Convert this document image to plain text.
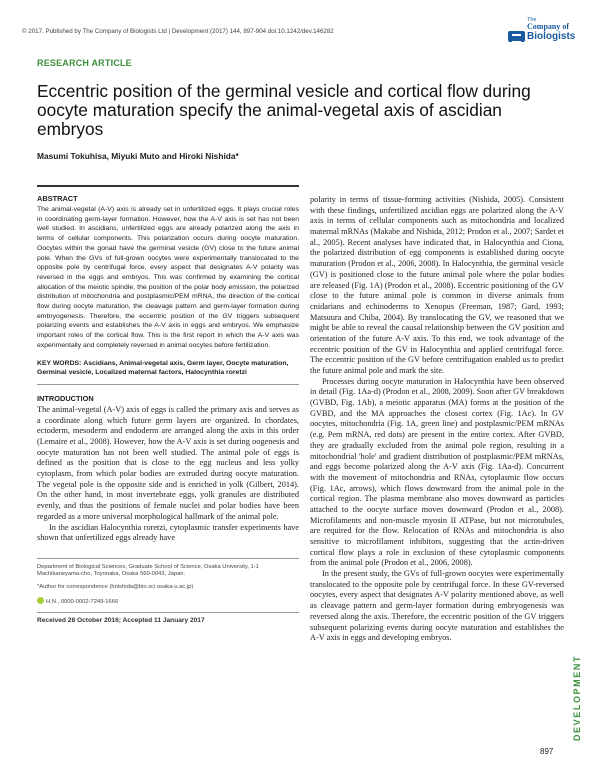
© 2017. Published by The Company of Biologists Ltd | Development (2017) 144, 897-904 doi:10.1242/dev.146282
The
Company of
Biologists
RESEARCH ARTICLE
Eccentric position of the germinal vesicle and cortical flow during oocyte maturation specify the animal-vegetal axis of ascidian embryos
Masumi Tokuhisa, Miyuki Muto and Hiroki Nishida*
ABSTRACT

The animal-vegetal (A-V) axis is already set in unfertilized eggs. It plays crucial roles in coordinating germ-layer formation. However, how the A-V axis is set has not been well studied. In ascidians, unfertilized eggs are already polarized along the axis in terms of cellular components. This polarization occurs during oocyte maturation. Oocytes within the gonad have the germinal vesicle (GV) close to the future animal pole. When the GVs of full-grown oocytes were experimentally translocated to the opposite pole by centrifugal force, every aspect that designates A-V polarity was reversed in the eggs and embryos. This was confirmed by examining the cortical allocation of the meiotic spindle, the position of the polar body emission, the polarized distribution of mitochondria and postplasmic/PEM mRNA, the direction of the cortical flow during oocyte maturation, the cleavage pattern and germ-layer formation during embryogenesis. Therefore, the eccentric position of the GV triggers subsequent polarizing events and establishes the A-V axis in eggs and embryos. We emphasize important roles of the cortical flow. This is the first report in which the A-V axis was experimentally and completely reversed in animal oocytes before fertilization.

KEY WORDS: Ascidians, Animal-vegetal axis, Germ layer, Oocyte maturation, Germinal vesicle, Localized maternal factors, Halocynthia roretzi

INTRODUCTION

The animal-vegetal (A-V) axis of eggs is called the primary axis and serves as a coordinate along which future germ layers are organized. In chordates, ectoderm, mesoderm and endoderm are arranged along the axis in this order (Lemaire et al., 2008). However, how the A-V axis is set during oogenesis and oocyte maturation has not been well studied. The animal pole of eggs is defined as the position that is close to the egg nucleus and less yolky cytoplasm, from which polar bodies are extruded during oocyte maturation. The vegetal pole is the opposite side and is enriched in yolk (Gilbert, 2014). On the other hand, in most invertebrate eggs, yolk granules are distributed evenly, and thus the positions of female nuclei and polar bodies have been regarded as a more universal morphological hallmark of the animal pole.

In the ascidian Halocynthia roretzi, cytoplasmic transfer experiments have shown that unfertilized eggs already have

Department of Biological Sciences, Graduate School of Science, Osaka University, 1-1 Machikaneyama-cho, Toyonaka, Osaka 560-0043, Japan.

*Author for correspondence (hnishida@bio.sci.osaka-u.ac.jp)

H.N., 0000-0002-7249-1666

Received 28 October 2016; Accepted 11 January 2017

polarity in terms of tissue-forming activities (Nishida, 2005). Consistent with these findings, unfertilized ascidian eggs are polarized along the A-V axis in terms of cellular components such as mitochondria and localized maternal mRNAs (Makabe and Nishida, 2012; Prodon et al., 2007; Sardet et al., 2005). Recent analyses have indicated that, in Halocynthia and Ciona, the polarized distribution of egg components is established during oocyte maturation (Prodon et al., 2006, 2008). In Halocynthia, the germinal vesicle (GV) is positioned close to the future animal pole where the polar bodies are released (Fig. 1A) (Prodon et al., 2008). Eccentric positioning of the GV close to the future animal pole is common in diverse animals from cnidarians and echinoderms to Xenopus (Freeman, 1987; Gard, 1993; Matsuura and Chiba, 2004). By translocating the GV, we reasoned that we might be able to reveal the causal relationship between the GV position and orientation of the future A-V axis. To this end, we took advantage of the eccentric position of the GV in Halocynthia and applied centrifugal force. The eccentric position of the GV before centrifugation enabled us to predict the future animal pole and mark the site.

Processes during oocyte maturation in Halocynthia have been observed in detail (Fig. 1Aa-d) (Prodon et al., 2008, 2009). Soon after GV breakdown (GVBD, Fig. 1Ab), a meiotic apparatus (MA) forms at the position of the GVBD, and the MA approaches the closest cortex (Fig. 1Ac). In GV oocytes, mitochondria (Fig. 1A, green line) and postplasmic/PEM mRNAs (e.g. Pem mRNA, red dots) are present in the entire cortex. After GVBD, they are gradually excluded from the animal pole region, resulting in a mitochondrial 'hole' and gradient distribution of postplasmic/PEM mRNAs, and eggs become polarized along the A-V axis (Fig. 1Aa-d). Concurrent with the movement of mitochondria and RNAs, cytoplasmic flow occurs (Fig. 1Ac, arrows), which flows downward from the animal pole in the cortical region. The plasma membrane also moves downward as particles attached to the oocyte surface moves downward (Prodon et al., 2008). Microfilaments and non-muscle myosin II ATPase, but not microtubules, are required for the flow. Relocation of RNAs and mitochondria is also sensitive to microfilament inhibitors, suggesting that the actin-driven cortical flow plays a role in exclusion of these cytoplasmic components from the animal pole (Prodon et al., 2006, 2008).

In the present study, the GVs of full-grown oocytes were experimentally translocated to the opposite pole by centrifugal force. In these GV-reversed oocytes, every aspect that designates A-V polarity mentioned above, as well as cleavage pattern and germ-layer formation during embryogenesis was reversed along the axis. Therefore, the eccentric position of the GV triggers subsequent polarizing events during oocyte maturation and establishes the A-V axis in eggs and developing embryos.

DEVELOPMENT
897
